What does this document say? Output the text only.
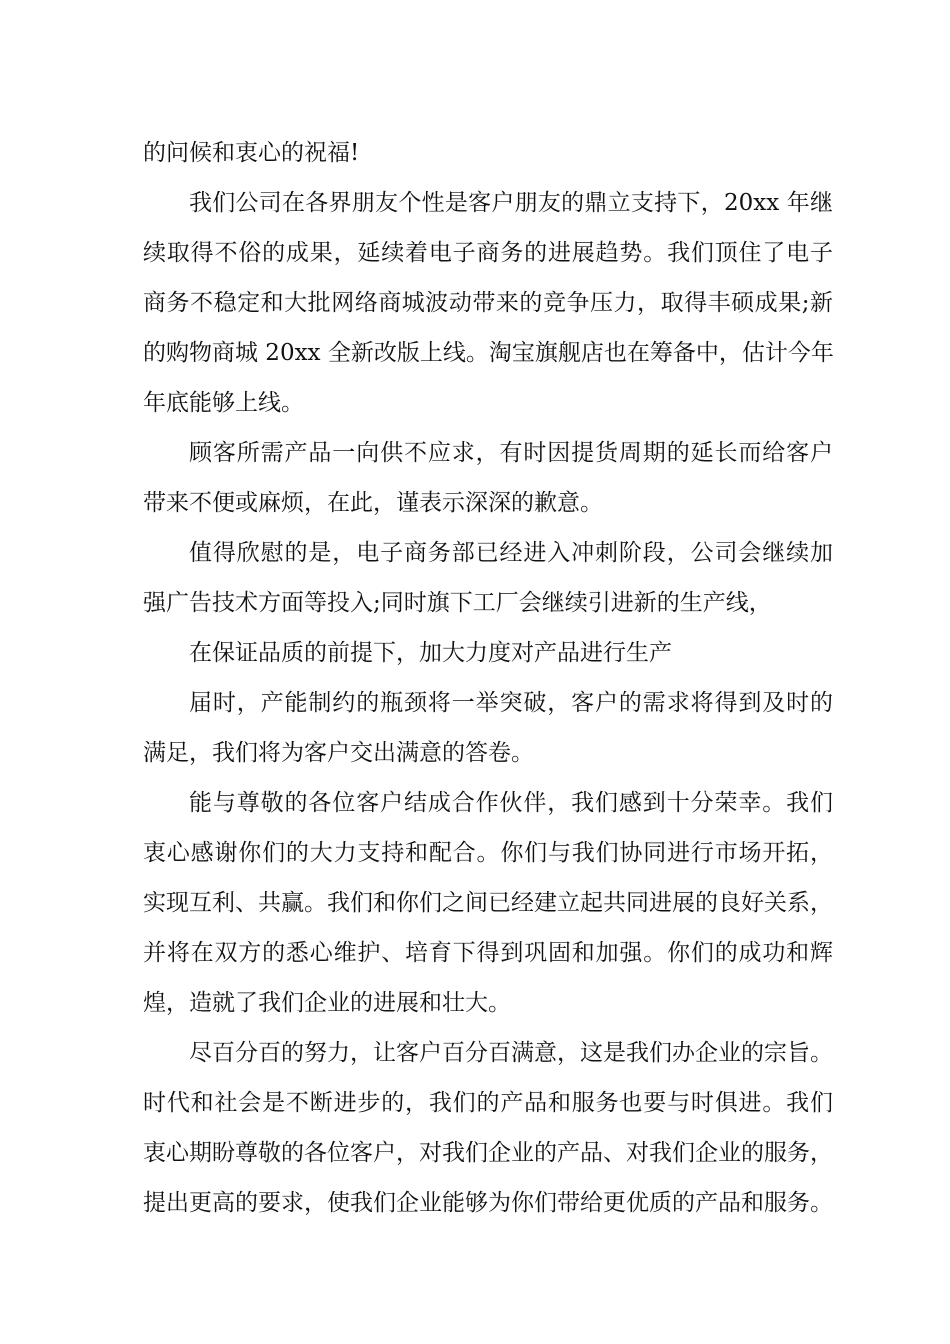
的问候和衷心的祝福!
我们公司在各界朋友个性是客户朋友的鼎立支持下，20xx 年继
续取得不俗的成果，延续着电子商务的进展趋势。我们顶住了电子
商务不稳定和大批网络商城波动带来的竞争压力，取得丰硕成果;新
的购物商城 20xx 全新改版上线。淘宝旗舰店也在筹备中，估计今年
年底能够上线。
顾客所需产品一向供不应求，有时因提货周期的延长而给客户
带来不便或麻烦，在此，谨表示深深的歉意。
值得欣慰的是，电子商务部已经进入冲刺阶段，公司会继续加
强广告技术方面等投入;同时旗下工厂会继续引进新的生产线，
在保证品质的前提下，加大力度对产品进行生产
届时，产能制约的瓶颈将一举突破，客户的需求将得到及时的
满足，我们将为客户交出满意的答卷。
能与尊敬的各位客户结成合作伙伴，我们感到十分荣幸。我们
衷心感谢你们的大力支持和配合。你们与我们协同进行市场开拓，
实现互利、共赢。我们和你们之间已经建立起共同进展的良好关系，
并将在双方的悉心维护、培育下得到巩固和加强。你们的成功和辉
煌，造就了我们企业的进展和壮大。
尽百分百的努力，让客户百分百满意，这是我们办企业的宗旨。
时代和社会是不断进步的，我们的产品和服务也要与时俱进。我们
衷心期盼尊敬的各位客户，对我们企业的产品、对我们企业的服务，
提出更高的要求，使我们企业能够为你们带给更优质的产品和服务。
